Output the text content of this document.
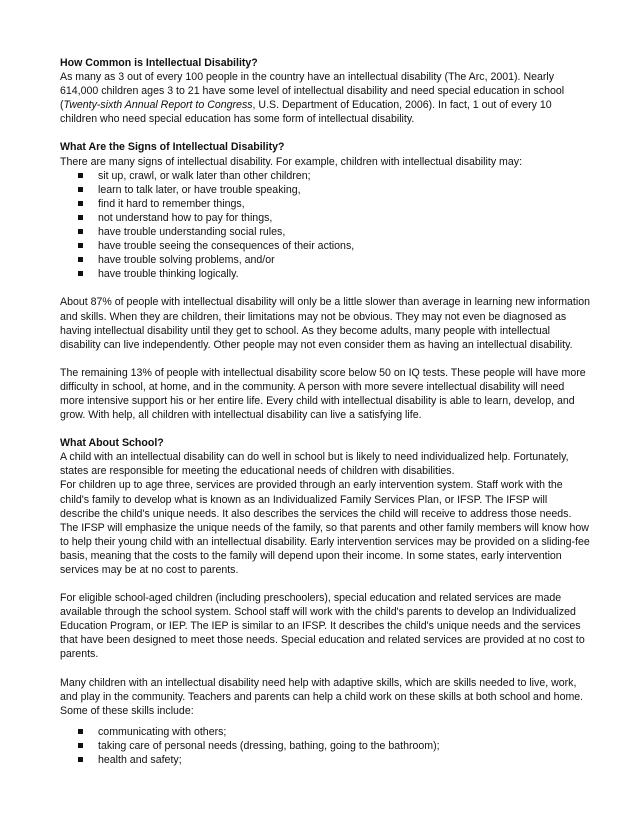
How Common is Intellectual Disability?

As many as 3 out of every 100 people in the country have an intellectual disability (The Arc, 2001). Nearly 614,000 children ages 3 to 21 have some level of intellectual disability and need special education in school (Twenty-sixth Annual Report to Congress, U.S. Department of Education, 2006). In fact, 1 out of every 10 children who need special education has some form of intellectual disability.

What Are the Signs of Intellectual Disability?

There are many signs of intellectual disability. For example, children with intellectual disability may:

sit up, crawl, or walk later than other children;
learn to talk later, or have trouble speaking,
find it hard to remember things,
not understand how to pay for things,
have trouble understanding social rules,
have trouble seeing the consequences of their actions,
have trouble solving problems, and/or
have trouble thinking logically.

About 87% of people with intellectual disability will only be a little slower than average in learning new information and skills. When they are children, their limitations may not be obvious. They may not even be diagnosed as having intellectual disability until they get to school. As they become adults, many people with intellectual disability can live independently. Other people may not even consider them as having an intellectual disability.

The remaining 13% of people with intellectual disability score below 50 on IQ tests. These people will have more difficulty in school, at home, and in the community. A person with more severe intellectual disability will need more intensive support his or her entire life. Every child with intellectual disability is able to learn, develop, and grow. With help, all children with intellectual disability can live a satisfying life.

What About School?

A child with an intellectual disability can do well in school but is likely to need individualized help. Fortunately, states are responsible for meeting the educational needs of children with disabilities.

For children up to age three, services are provided through an early intervention system. Staff work with the child's family to develop what is known as an Individualized Family Services Plan, or IFSP. The IFSP will describe the child's unique needs. It also describes the services the child will receive to address those needs. The IFSP will emphasize the unique needs of the family, so that parents and other family members will know how to help their young child with an intellectual disability. Early intervention services may be provided on a sliding-fee basis, meaning that the costs to the family will depend upon their income. In some states, early intervention services may be at no cost to parents.

For eligible school-aged children (including preschoolers), special education and related services are made available through the school system. School staff will work with the child's parents to develop an Individualized Education Program, or IEP. The IEP is similar to an IFSP. It describes the child's unique needs and the services that have been designed to meet those needs. Special education and related services are provided at no cost to parents.

Many children with an intellectual disability need help with adaptive skills, which are skills needed to live, work, and play in the community. Teachers and parents can help a child work on these skills at both school and home. Some of these skills include:

communicating with others;
taking care of personal needs (dressing, bathing, going to the bathroom);
health and safety;
